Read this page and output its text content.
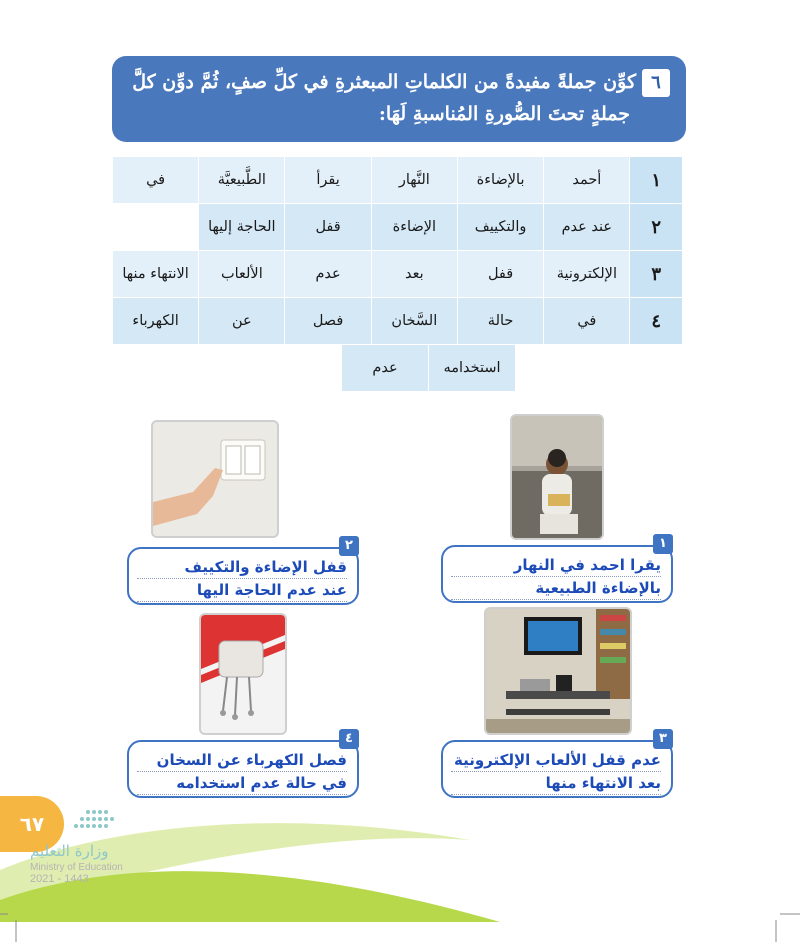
٦كوِّن جملةً مفيدةً من الكلماتِ المبعثرةِ في كلِّ صفٍ، ثُمَّ دوِّن كلَّ
جملةٍ تحتَ الصُّورةِ المُناسبةِ لَهَا:
١
أحمد
بالإضاءة
النَّهار
يقرأ
الطَّبيعيَّة
في
٢
عند عدم
والتكييف
الإضاءة
قفل
الحاجة إليها
٣
الإلكترونية
قفل
بعد
عدم
الألعاب
الانتهاء منها
٤
في
حالة
السَّخان
فصل
عن
الكهرباء
استخدامه
عدم
١
يقرا احمد في النهار
بالإضاءة الطبيعية
٢
قفل الإضاءة والتكييف
عند عدم الحاجة اليها
٣
عدم قفل الألعاب الإلكترونية
بعد الانتهاء منها
٤
فصل الكهرباء عن السخان
في حالة عدم استخدامه
٦٧
وزارة التعليم
Ministry of Education
2021 - 1443
